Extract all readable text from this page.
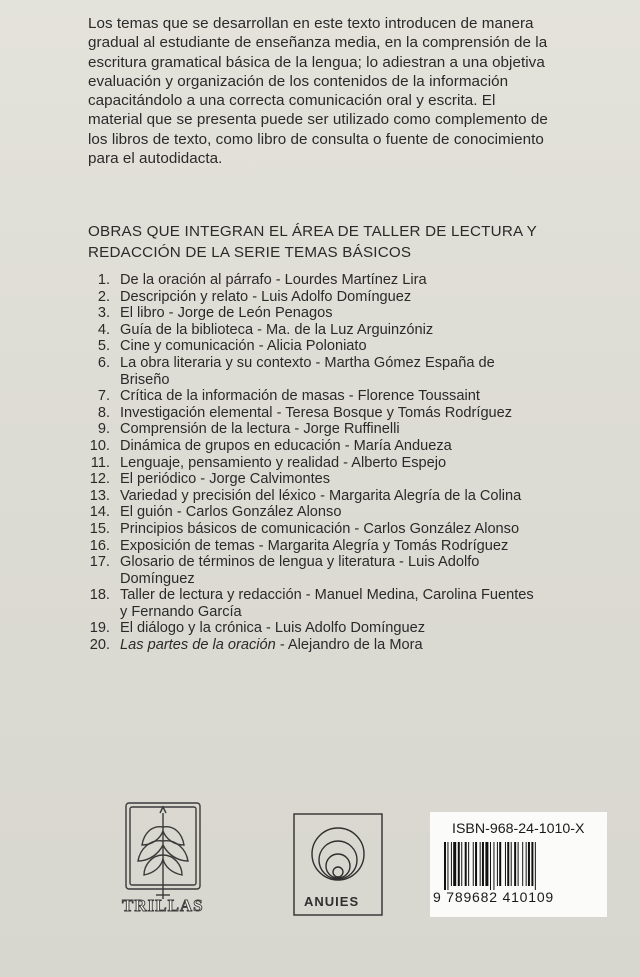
Los temas que se desarrollan en este texto introducen de manera
gradual al estudiante de enseñanza media, en la comprensión de la
escritura gramatical básica de la lengua; lo adiestran a una objetiva
evaluación y organización de los contenidos de la información
capacitándolo a una correcta comunicación oral y escrita. El
material que se presenta puede ser utilizado como complemento de
los libros de texto, como libro de consulta o fuente de conocimiento
para el autodidacta.

OBRAS QUE INTEGRAN EL ÁREA DE TALLER DE LECTURA Y
REDACCIÓN DE LA SERIE TEMAS BÁSICOS
1. De la oración al párrafo - Lourdes Martínez Lira
2. Descripción y relato - Luis Adolfo Domínguez
3. El libro - Jorge de León Penagos
4. Guía de la biblioteca - Ma. de la Luz Arguinzóniz
5. Cine y comunicación - Alicia Poloniato
6. La obra literaria y su contexto - Martha Gómez España de
Briseño
7. Crítica de la información de masas - Florence Toussaint
8. Investigación elemental - Teresa Bosque y Tomás Rodríguez
9. Comprensión de la lectura - Jorge Ruffinelli
10. Dinámica de grupos en educación - María Andueza
11. Lenguaje, pensamiento y realidad - Alberto Espejo
12. El periódico - Jorge Calvimontes
13. Variedad y precisión del léxico - Margarita Alegría de la Colina
14. El guión - Carlos González Alonso
15. Principios básicos de comunicación - Carlos González Alonso
16. Exposición de temas - Margarita Alegría y Tomás Rodríguez
17. Glosario de términos de lengua y literatura - Luis Adolfo
Domínguez
18. Taller de lectura y redacción - Manuel Medina, Carolina Fuentes
y Fernando García
19. El diálogo y la crónica - Luis Adolfo Domínguez
20. Las partes de la oración - Alejandro de la Mora
TRILLAS	ANUIES
ISBN-968-24-1010-X
9 789682 410109
